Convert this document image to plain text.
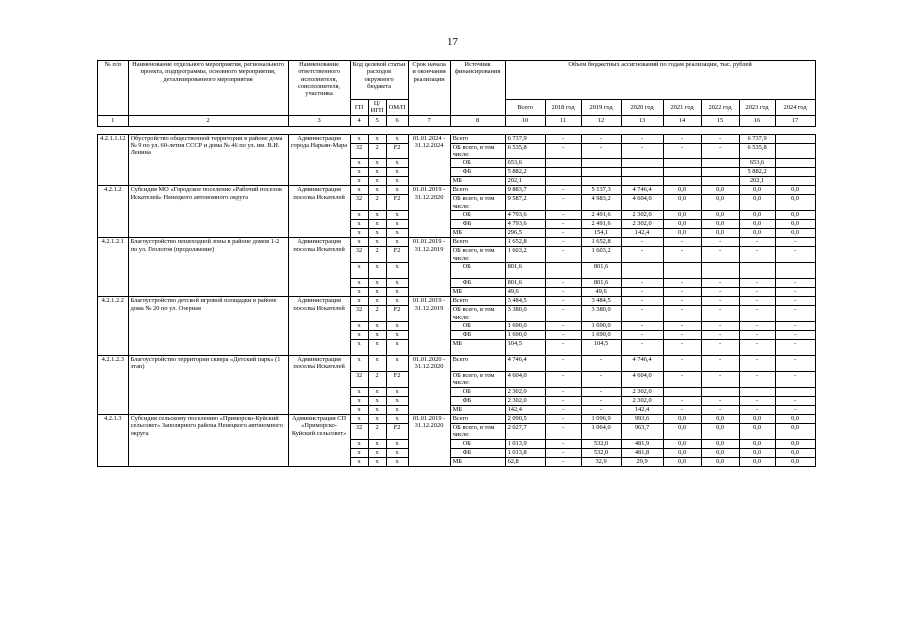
17
№ п/п	Наименование отдельного мероприятия, регионального проекта, подпрограммы, основного мероприятия, детализированного мероприятия	Наименование ответственного исполнителя, соисполнителя, участника	Код целевой статьи расходов окружного бюджета			Срок начала и окончания реализации	Источник финансирования	Объем бюджетных ассигнований по годам реализации, тыс. рублей							
			ГП	Ц/ИГП	ОМ/П			Всего	2018 год	2019 год	2020 год	2021 год	2022 год	2023 год	2024 год
1	2	3	4	5	6	7	8	10	11	12	13	14	15	16	17

4.2.1.1.12	Обустройство общественной территории в районе дома № 9 по ул. 60-летия СССР и дома № 46 по ул. им. В.И. Ленина	Администрация города Нарьян-Мара	х	х	х	01.01.2024 - 31.12.2024	Всего	6 737,9	-	-	-	-	-	6 737,9	
			32	2	F2		ОБ всего, в том числе:	6 535,8	-	-	-	-	-	6 535,8	
			х	х	х		ОБ	653,6						653,6	
			х	х	х		ФБ	5 882,2						5 882,2	
			х	х	х		МБ	202,1						202,1	
4.2.1.2	Субсидия МО «Городское поселение «Рабочий поселок Искателей» Ненецкого автономного округа	Администрация поселка Искателей	х	х	х	01.01.2019 - 31.12.2020	Всего	9 883,7	-	5 137,3	4 746,4	0,0	0,0	0,0	0,0
			32	2	F2		ОБ всего, в том числе:	9 587,2	-	4 983,2	4 604,0	0,0	0,0	0,0	0,0
			х	х	х		ОБ	4 793,6	-	2 491,6	2 302,0	0,0	0,0	0,0	0,0
			х	х	х		ФБ	4 793,6	-	2 491,6	2 302,0	0,0	0,0	0,0	0,0
			х	х	х		МБ	296,5	-	154,1	142,4	0,0	0,0	0,0	0,0
4.2.1.2.1	Благоустройство пешеходной зоны в районе домов 1-2 по ул. Геологов (продолжение)	Администрация поселка Искателей	х	х	х	01.01.2019 - 31.12.2019	Всего	1 652,8	-	1 652,8	-	-	-	-	-
			32	2	F2		ОБ всего, в том числе:	1 603,2	-	1 603,2	-	-	-	-	-
			х	х	х		ОБ	801,6		801,6					
			х	х	х		ФБ	801,6	-	801,6	-	-	-	-	-
			х	х	х		МБ	49,6	-	49,6	-	-	-	-	-
4.2.1.2.2	Благоустройство детской игровой площадки в районе дома № 20 по ул. Озерная	Администрация поселка Искателей	х	х	х	01.01.2019 - 31.12.2019	Всего	3 484,5	-	3 484,5	-	-	-	-	-
			32	2	F2		ОБ всего, в том числе:	3 380,0	-	3 380,0	-	-	-	-	-
			х	х	х		ОБ	1 690,0	-	1 690,0	-	-	-	-	-
			х	х	х		ФБ	1 690,0	-	1 690,0	-	-	-	-	-
			х	х	х		МБ	104,5	-	104,5	-	-	-	-	-
4.2.1.2.3	Благоустройство территории сквера «Детский парк» (1 этап)	Администрация поселка Искателей	х	х	х	01.01.2020 - 31.12.2020	Всего	4 746,4	-	-	4 746,4	-	-	-	-
			32	2	F2		ОБ всего, в том числе:	4 604,0	-	-	4 604,0	-	-	-	-
			х	х	х		ОБ	2 302,0	-	-	2 302,0				
			х	х	х		ФБ	2 302,0	-	-	2 302,0	-	-	-	-
			х	х	х		МБ	142,4	-	-	142,4	-	-	-	-
4.2.1.3	Субсидия сельскому поселению «Приморско-Куйский сельсовет» Заполярного района Ненецкого автономного округа	Администрация СП «Приморско-Куйский сельсовет»	х	х	х	01.01.2019 - 31.12.2020	Всего	2 090,5	-	1 096,9	993,6	0,0	0,0	0,0	0,0
			32	2	F2		ОБ всего, в том числе:	2 027,7	-	1 064,0	963,7	0,0	0,0	0,0	0,0
			х	х	х		ОБ	1 013,9	-	532,0	481,9	0,0	0,0	0,0	0,0
			х	х	х		ФБ	1 013,8	-	532,0	481,8	0,0	0,0	0,0	0,0
			х	х	х		МБ	62,8	-	32,9	29,9	0,0	0,0	0,0	0,0
